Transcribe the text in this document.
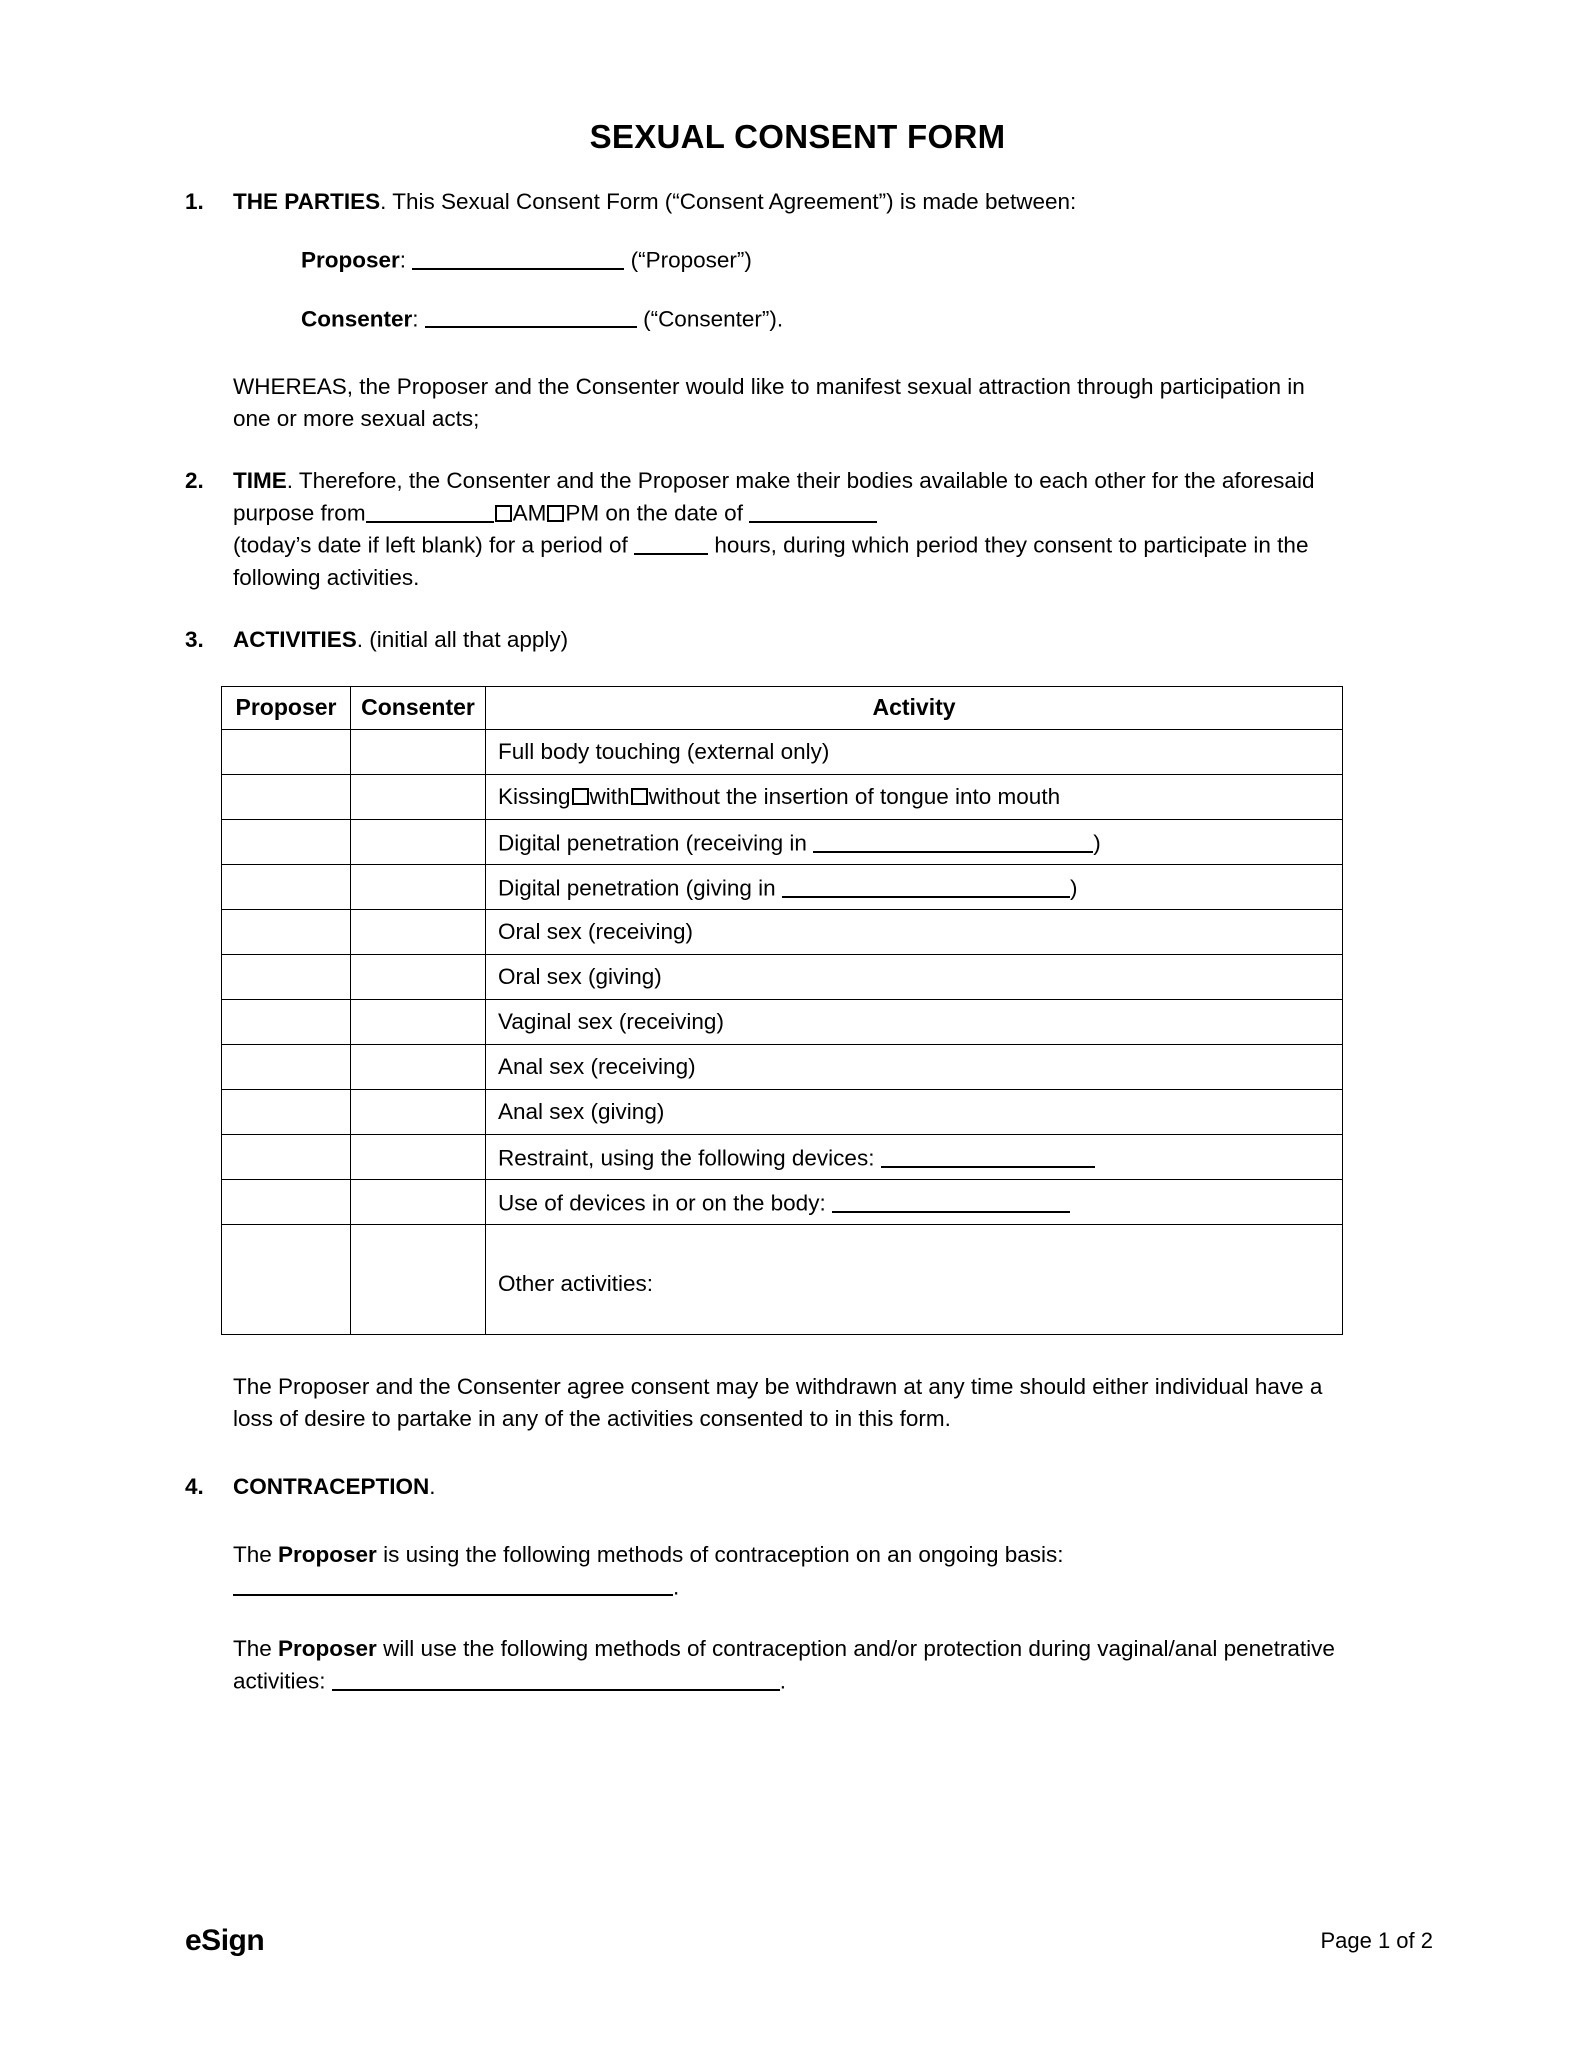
SEXUAL CONSENT FORM
1.	THE PARTIES. This Sexual Consent Form (“Consent Agreement”) is made between:
Proposer:	(“Proposer”)
Consenter:	(“Consenter”).
WHEREAS, the Proposer and the Consenter would like to manifest sexual attraction through participation in one or more sexual acts;
2.	TIME. Therefore, the Consenter and the Proposer make their bodies available to each other for the aforesaid purpose from	AM PM on the date of
(today’s date if left blank) for a period of	hours, during which period they consent to participate in the following activities.
3.	ACTIVITIES. (initial all that apply)
Proposer	Consenter	Activity
		Full body touching (external only)
		Kissing with without the insertion of tongue into mouth
		Digital penetration (receiving in )
		Digital penetration (giving in )
		Oral sex (receiving)
		Oral sex (giving)
		Vaginal sex (receiving)
		Anal sex (receiving)
		Anal sex (giving)
		Restraint, using the following devices:
		Use of devices in or on the body:
		Other activities:
The Proposer and the Consenter agree consent may be withdrawn at any time should either individual have a loss of desire to partake in any of the activities consented to in this form.
4.	CONTRACEPTION.
The Proposer is using the following methods of contraception on an ongoing basis:
.
The Proposer will use the following methods of contraception and/or protection during vaginal/anal penetrative activities:	.
eSign	Page 1 of 2
